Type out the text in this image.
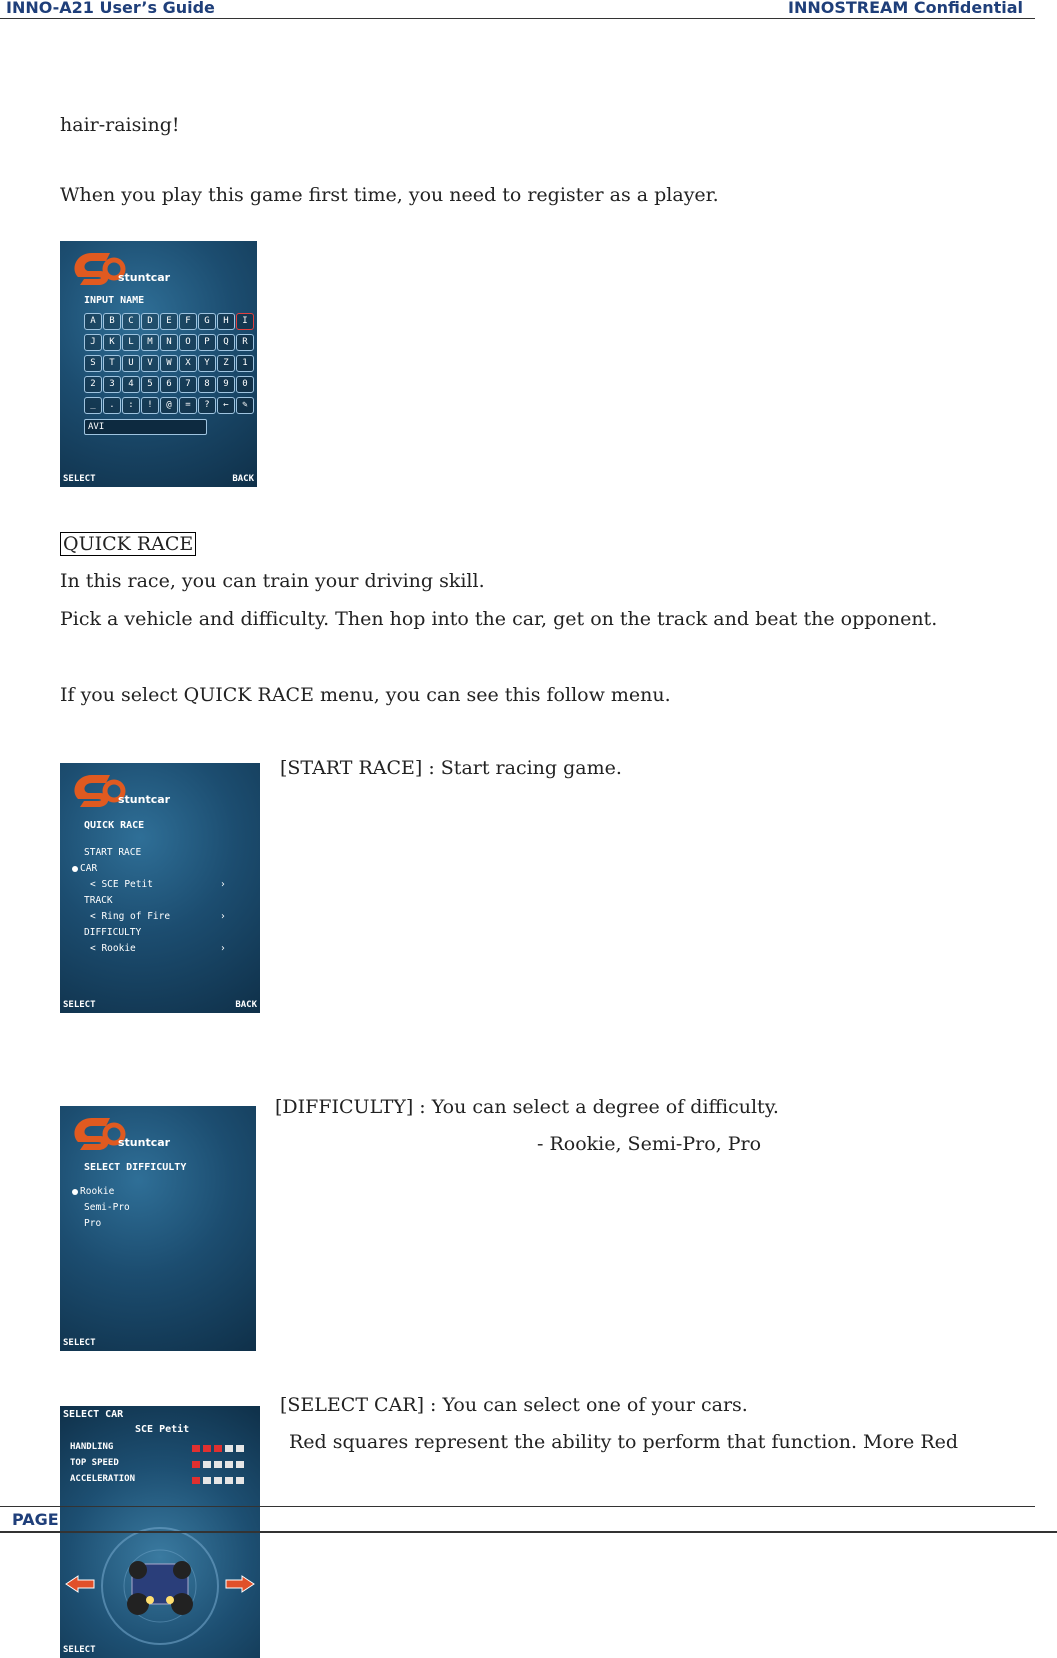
INNO-A21 User’s Guide	INNOSTREAM Confidential
hair-raising!
When you play this game first time, you need to register as a player.
stuntcar
INPUT NAME
A	B	C	D	E	F	G	H	I
J	K	L	M	N	O	P	Q	R
S	T	U	V	W	X	Y	Z	1
2	3	4	5	6	7	8	9	0
_	.	:	!	@	=	?	←	✎
AVI
SELECT	BACK
QUICK RACE
In this race, you can train your driving skill.
Pick a vehicle and difficulty. Then hop into the car, get on the track and beat the opponent.
If you select QUICK RACE menu, you can see this follow menu.
stuntcar
QUICK RACE
START RACE
CAR
< SCE Petit	›
TRACK
< Ring of Fire	›
DIFFICULTY
< Rookie	›
SELECT	BACK
[START RACE] : Start racing game.
stuntcar
SELECT DIFFICULTY
Rookie
Semi-Pro
Pro
SELECT
[DIFFICULTY] : You can select a degree of difficulty.
- Rookie, Semi-Pro, Pro
SELECT CAR
SCE Petit
HANDLING
TOP SPEED
ACCELERATION
SELECT
[SELECT CAR] : You can select one of your cars.
Red squares represent the ability to perform that function. More Red
PAGE
